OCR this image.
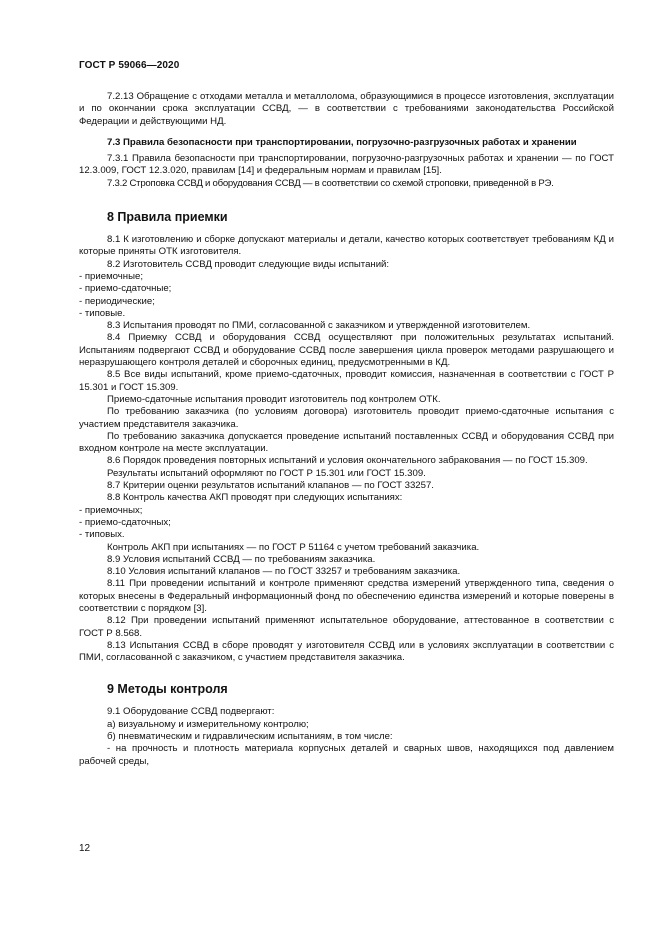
ГОСТ Р 59066—2020

7.2.13 Обращение с отходами металла и металлолома, образующимися в процессе изготовления, эксплуатации и по окончании срока эксплуатации ССВД, — в соответствии с требованиями законодательства Российской Федерации и действующими НД.

7.3 Правила безопасности при транспортировании, погрузочно-разгрузочных работах и хранении

7.3.1 Правила безопасности при транспортировании, погрузочно-разгрузочных работах и хранении — по ГОСТ 12.3.009, ГОСТ 12.3.020, правилам [14] и федеральным нормам и правилам [15].

7.3.2 Строповка ССВД и оборудования ССВД — в соответствии со схемой строповки, приведенной в РЭ.

8 Правила приемки

8.1 К изготовлению и сборке допускают материалы и детали, качество которых соответствует требованиям КД и которые приняты ОТК изготовителя.

8.2 Изготовитель ССВД проводит следующие виды испытаний:

- приемочные;

- приемо-сдаточные;

- периодические;

- типовые.

8.3 Испытания проводят по ПМИ, согласованной с заказчиком и утвержденной изготовителем.

8.4 Приемку ССВД и оборудования ССВД осуществляют при положительных результатах испытаний. Испытаниям подвергают ССВД и оборудование ССВД после завершения цикла проверок методами разрушающего и неразрушающего контроля деталей и сборочных единиц, предусмотренными в КД.

8.5 Все виды испытаний, кроме приемо-сдаточных, проводит комиссия, назначенная в соответствии с ГОСТ Р 15.301 и ГОСТ 15.309.

Приемо-сдаточные испытания проводит изготовитель под контролем ОТК.

По требованию заказчика (по условиям договора) изготовитель проводит приемо-сдаточные испытания с участием представителя заказчика.

По требованию заказчика допускается проведение испытаний поставленных ССВД и оборудования ССВД при входном контроле на месте эксплуатации.

8.6 Порядок проведения повторных испытаний и условия окончательного забракования — по ГОСТ 15.309.

Результаты испытаний оформляют по ГОСТ Р 15.301 или ГОСТ 15.309.

8.7 Критерии оценки результатов испытаний клапанов — по ГОСТ 33257.

8.8 Контроль качества АКП проводят при следующих испытаниях:

- приемочных;

- приемо-сдаточных;

- типовых.

Контроль АКП при испытаниях — по ГОСТ Р 51164 с учетом требований заказчика.

8.9 Условия испытаний ССВД — по требованиям заказчика.

8.10 Условия испытаний клапанов — по ГОСТ 33257 и требованиям заказчика.

8.11 При проведении испытаний и контроле применяют средства измерений утвержденного типа, сведения о которых внесены в Федеральный информационный фонд по обеспечению единства измерений и которые поверены в соответствии с порядком [3].

8.12 При проведении испытаний применяют испытательное оборудование, аттестованное в соответствии с ГОСТ Р 8.568.

8.13 Испытания ССВД в сборе проводят у изготовителя ССВД или в условиях эксплуатации в соответствии с ПМИ, согласованной с заказчиком, с участием представителя заказчика.

9 Методы контроля

9.1 Оборудование ССВД подвергают:

а) визуальному и измерительному контролю;

б) пневматическим и гидравлическим испытаниям, в том числе:

- на прочность и плотность материала корпусных деталей и сварных швов, находящихся под давлением рабочей среды,

12
